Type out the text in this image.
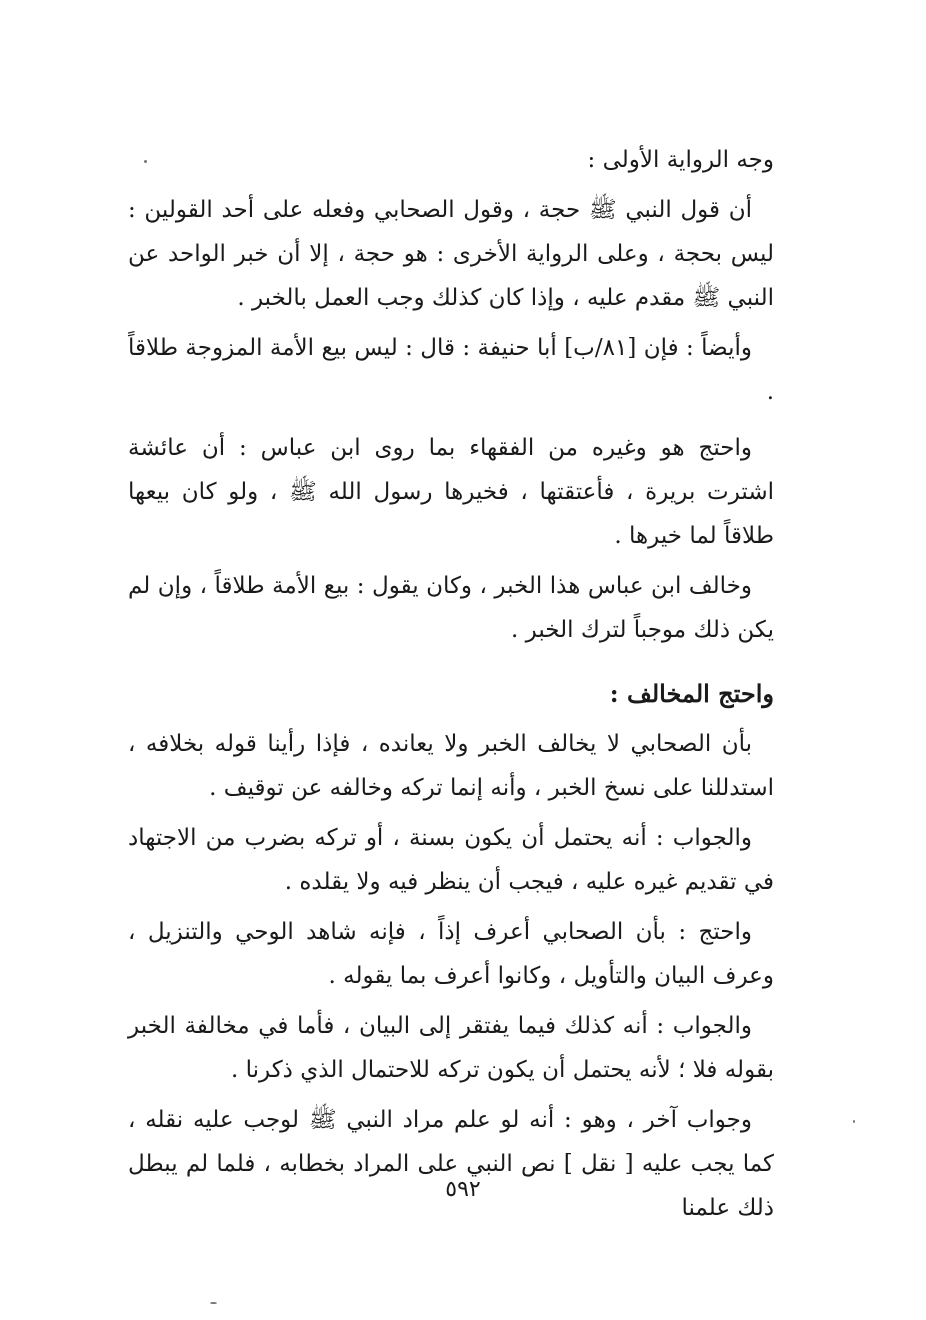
وجه الرواية الأولى :

أن قول النبي ﷺ حجة ، وقول الصحابي وفعله على أحد القولين : ليس بحجة ، وعلى الرواية الأخرى : هو حجة ، إلا أن خبر الواحد عن النبي ﷺ مقدم عليه ، وإذا كان كذلك وجب العمل بالخبر .

وأيضاً : فإن [٨١/ب] أبا حنيفة : قال : ليس بيع الأمة المزوجة طلاقاً .

واحتج هو وغيره من الفقهاء بما روى ابن عباس : أن عائشة اشترت بريرة ، فأعتقتها ، فخيرها رسول الله ﷺ ، ولو كان بيعها طلاقاً لما خيرها .

وخالف ابن عباس هذا الخبر ، وكان يقول : بيع الأمة طلاقاً ، وإن لم يكن ذلك موجباً لترك الخبر .

واحتج المخالف :

بأن الصحابي لا يخالف الخبر ولا يعانده ، فإذا رأينا قوله بخلافه ، استدللنا على نسخ الخبر ، وأنه إنما تركه وخالفه عن توقيف .

والجواب : أنه يحتمل أن يكون بسنة ، أو تركه بضرب من الاجتهاد في تقديم غيره عليه ، فيجب أن ينظر فيه ولا يقلده .

واحتج : بأن الصحابي أعرف إذاً ، فإنه شاهد الوحي والتنزيل ، وعرف البيان والتأويل ، وكانوا أعرف بما يقوله .

والجواب : أنه كذلك فيما يفتقر إلى البيان ، فأما في مخالفة الخبر بقوله فلا ؛ لأنه يحتمل أن يكون تركه للاحتمال الذي ذكرنا .

وجواب آخر ، وهو : أنه لو علم مراد النبي ﷺ لوجب عليه نقله ، كما يجب عليه [ نقل ] نص النبي على المراد بخطابه ، فلما لم يبطل ذلك علمنا

٥٩٢
